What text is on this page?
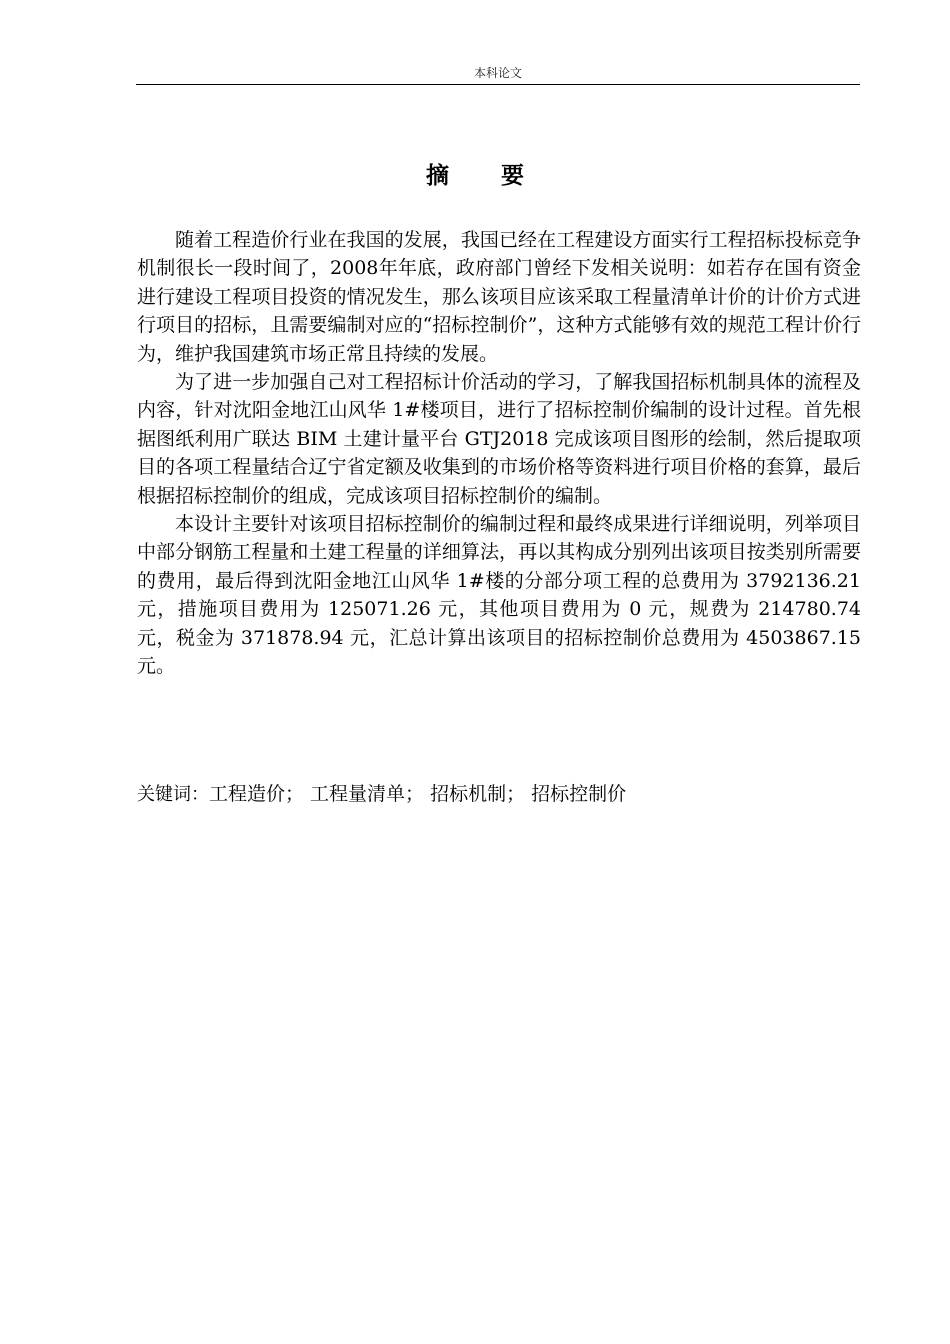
本科论文
摘 要

随着工程造价行业在我国的发展，我国已经在工程建设方面实行工程招标投标竞争机制很长一段时间了，2008年年底，政府部门曾经下发相关说明：如若存在国有资金进行建设工程项目投资的情况发生，那么该项目应该采取工程量清单计价的计价方式进行项目的招标，且需要编制对应的“招标控制价”，这种方式能够有效的规范工程计价行为，维护我国建筑市场正常且持续的发展。

为了进一步加强自己对工程招标计价活动的学习，了解我国招标机制具体的流程及内容，针对沈阳金地江山风华 1#楼项目，进行了招标控制价编制的设计过程。首先根据图纸利用广联达 BIM 土建计量平台 GTJ2018 完成该项目图形的绘制，然后提取项目的各项工程量结合辽宁省定额及收集到的市场价格等资料进行项目价格的套算，最后根据招标控制价的组成，完成该项目招标控制价的编制。

本设计主要针对该项目招标控制价的编制过程和最终成果进行详细说明，列举项目中部分钢筋工程量和土建工程量的详细算法，再以其构成分别列出该项目按类别所需要的费用，最后得到沈阳金地江山风华 1#楼的分部分项工程的总费用为 3792136.21 元，措施项目费用为 125071.26 元，其他项目费用为 0 元，规费为 214780.74 元，税金为 371878.94 元，汇总计算出该项目的招标控制价总费用为 4503867.15 元。

关键词：工程造价； 工程量清单； 招标机制； 招标控制价
